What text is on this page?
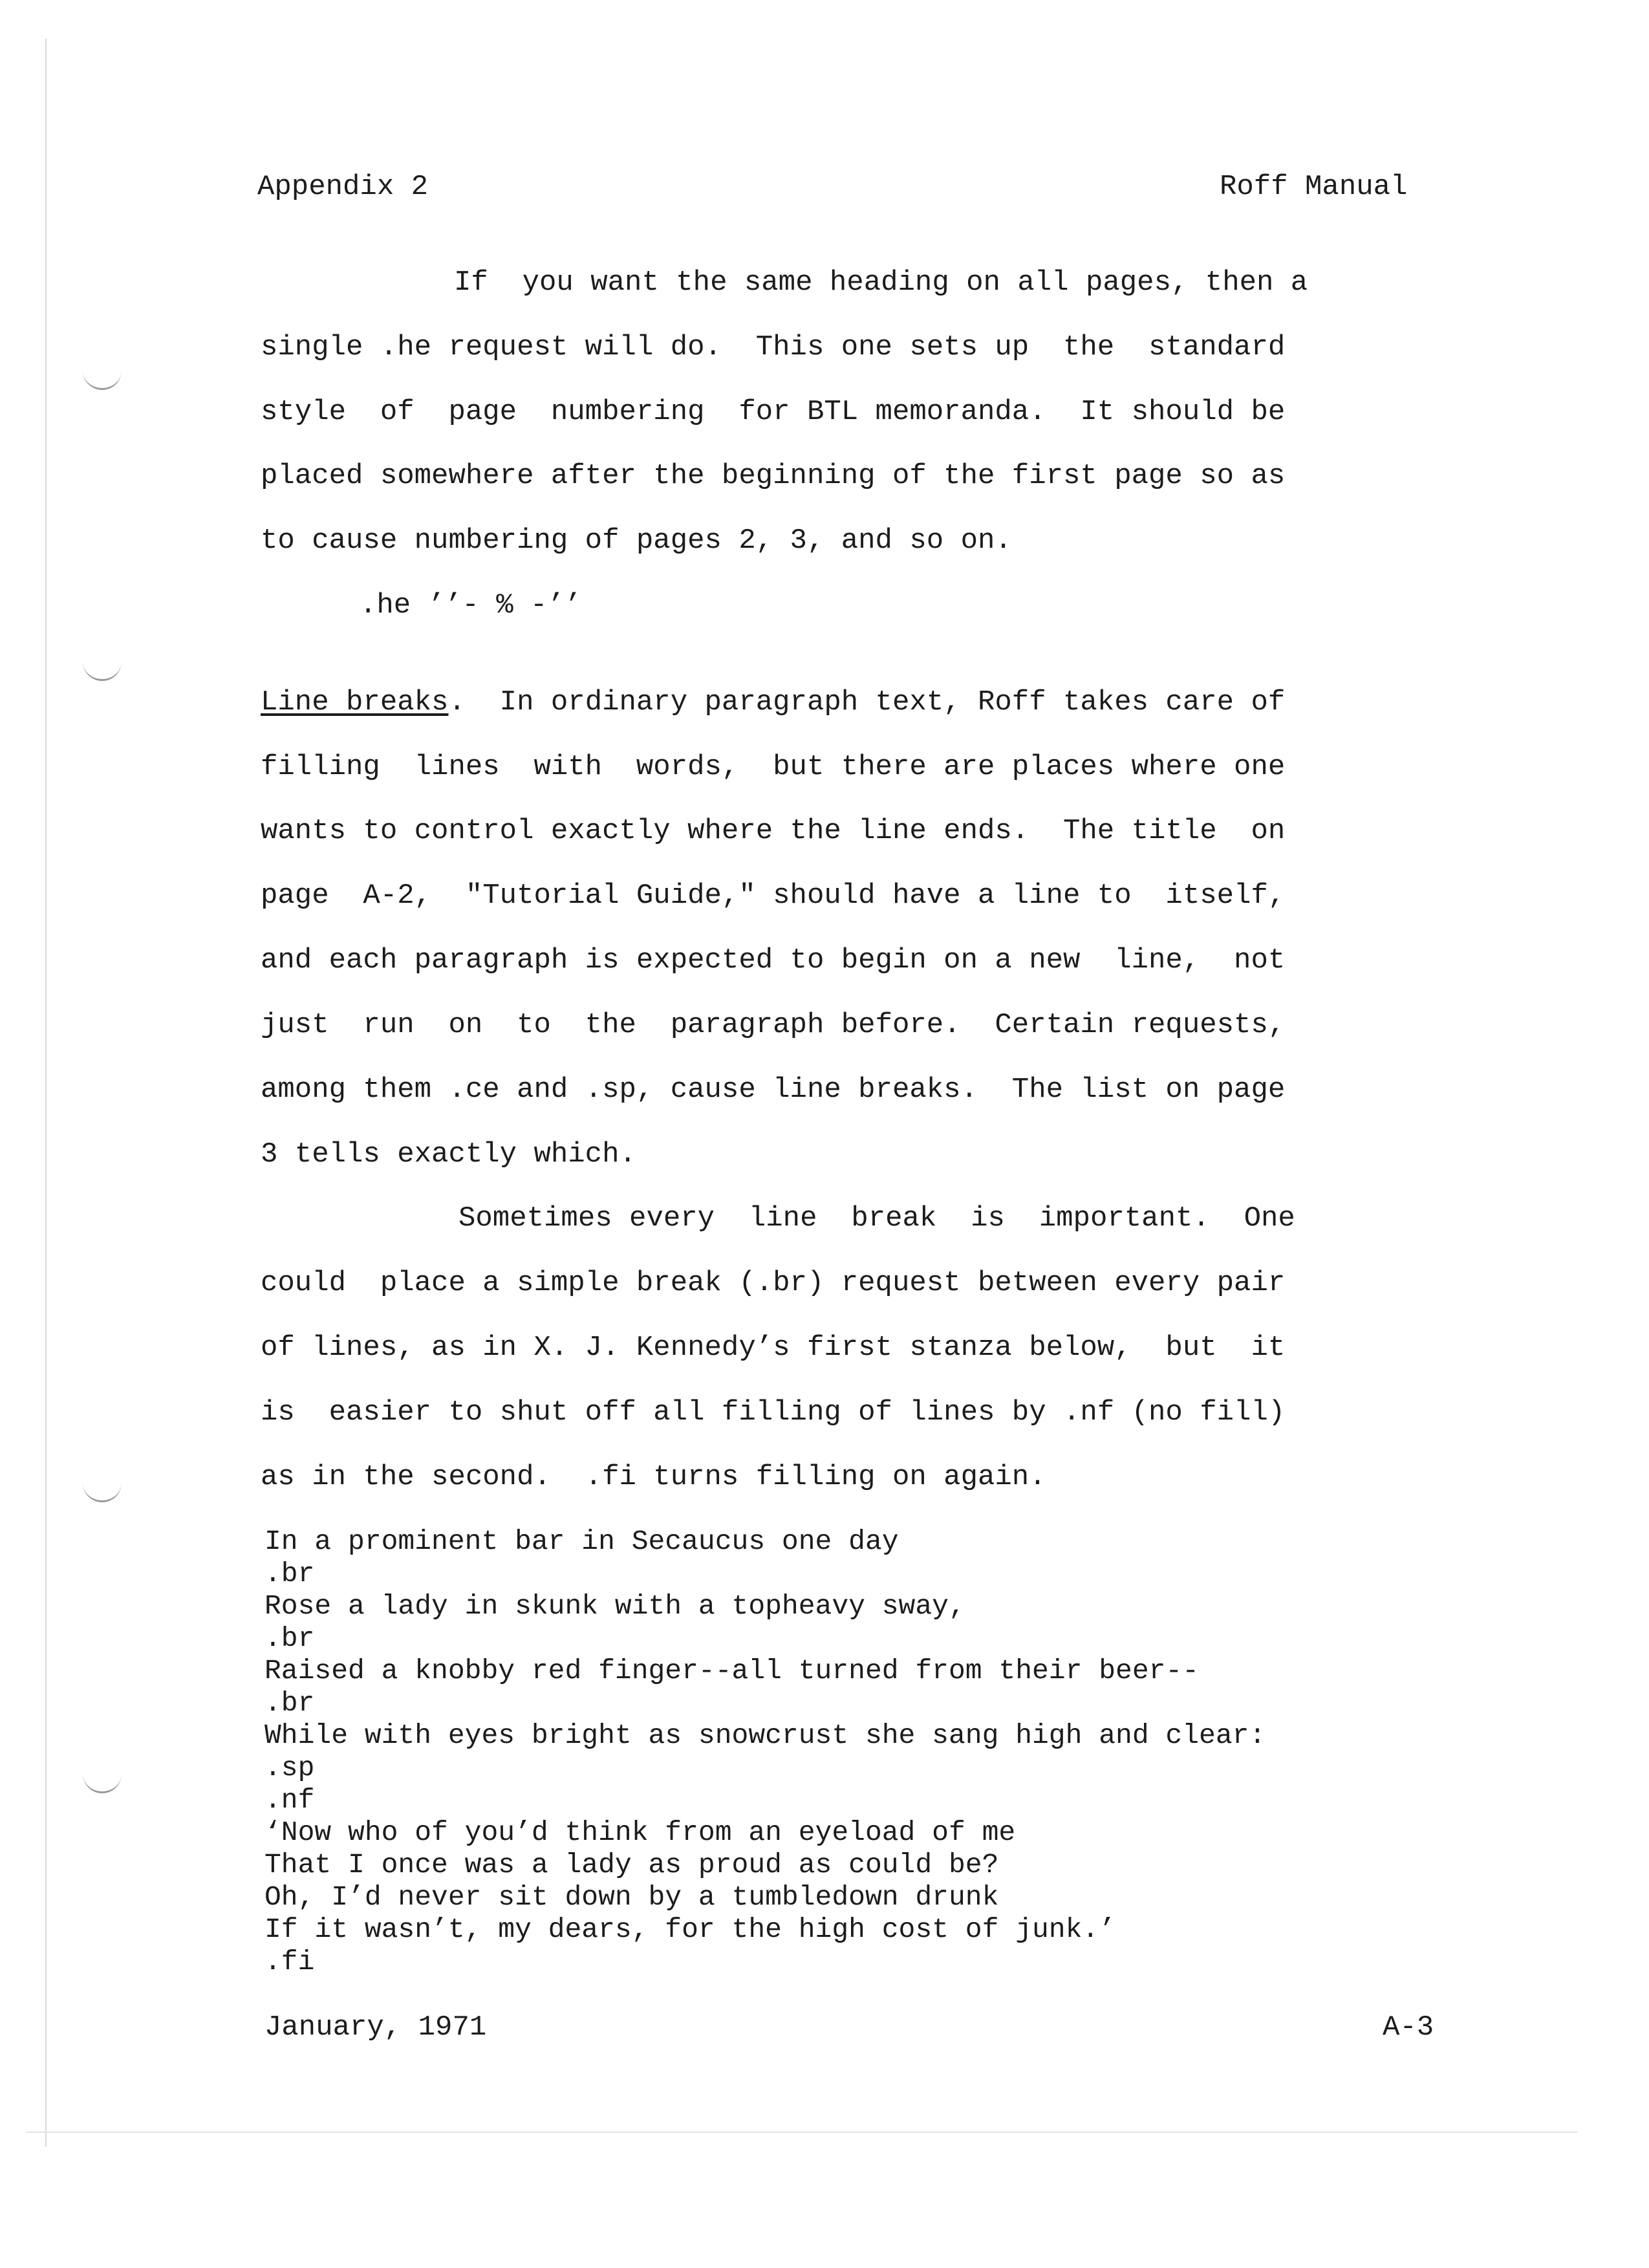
Appendix 2	Roff Manual
If  you want the same heading on all pages, then a
single .he request will do.  This one sets up  the  standard
style  of  page  numbering  for BTL memoranda.  It should be
placed somewhere after the beginning of the first page so as
to cause numbering of pages 2, 3, and so on.
.he ’’- % -’’
Line breaks.  In ordinary paragraph text, Roff takes care of
filling  lines  with  words,  but there are places where one
wants to control exactly where the line ends.  The title  on
page  A-2,  "Tutorial Guide," should have a line to  itself,
and each paragraph is expected to begin on a new  line,  not
just  run  on  to  the  paragraph before.  Certain requests,
among them .ce and .sp, cause line breaks.  The list on page
3 tells exactly which.
Sometimes every  line  break  is  important.  One
could  place a simple break (.br) request between every pair
of lines, as in X. J. Kennedy’s first stanza below,  but  it
is  easier to shut off all filling of lines by .nf (no fill)
as in the second.  .fi turns filling on again.
In a prominent bar in Secaucus one day
.br
Rose a lady in skunk with a topheavy sway,
.br
Raised a knobby red finger--all turned from their beer--
.br
While with eyes bright as snowcrust she sang high and clear:
.sp
.nf
‘Now who of you’d think from an eyeload of me
That I once was a lady as proud as could be?
Oh, I’d never sit down by a tumbledown drunk
If it wasn’t, my dears, for the high cost of junk.’
.fi
January, 1971	A-3
